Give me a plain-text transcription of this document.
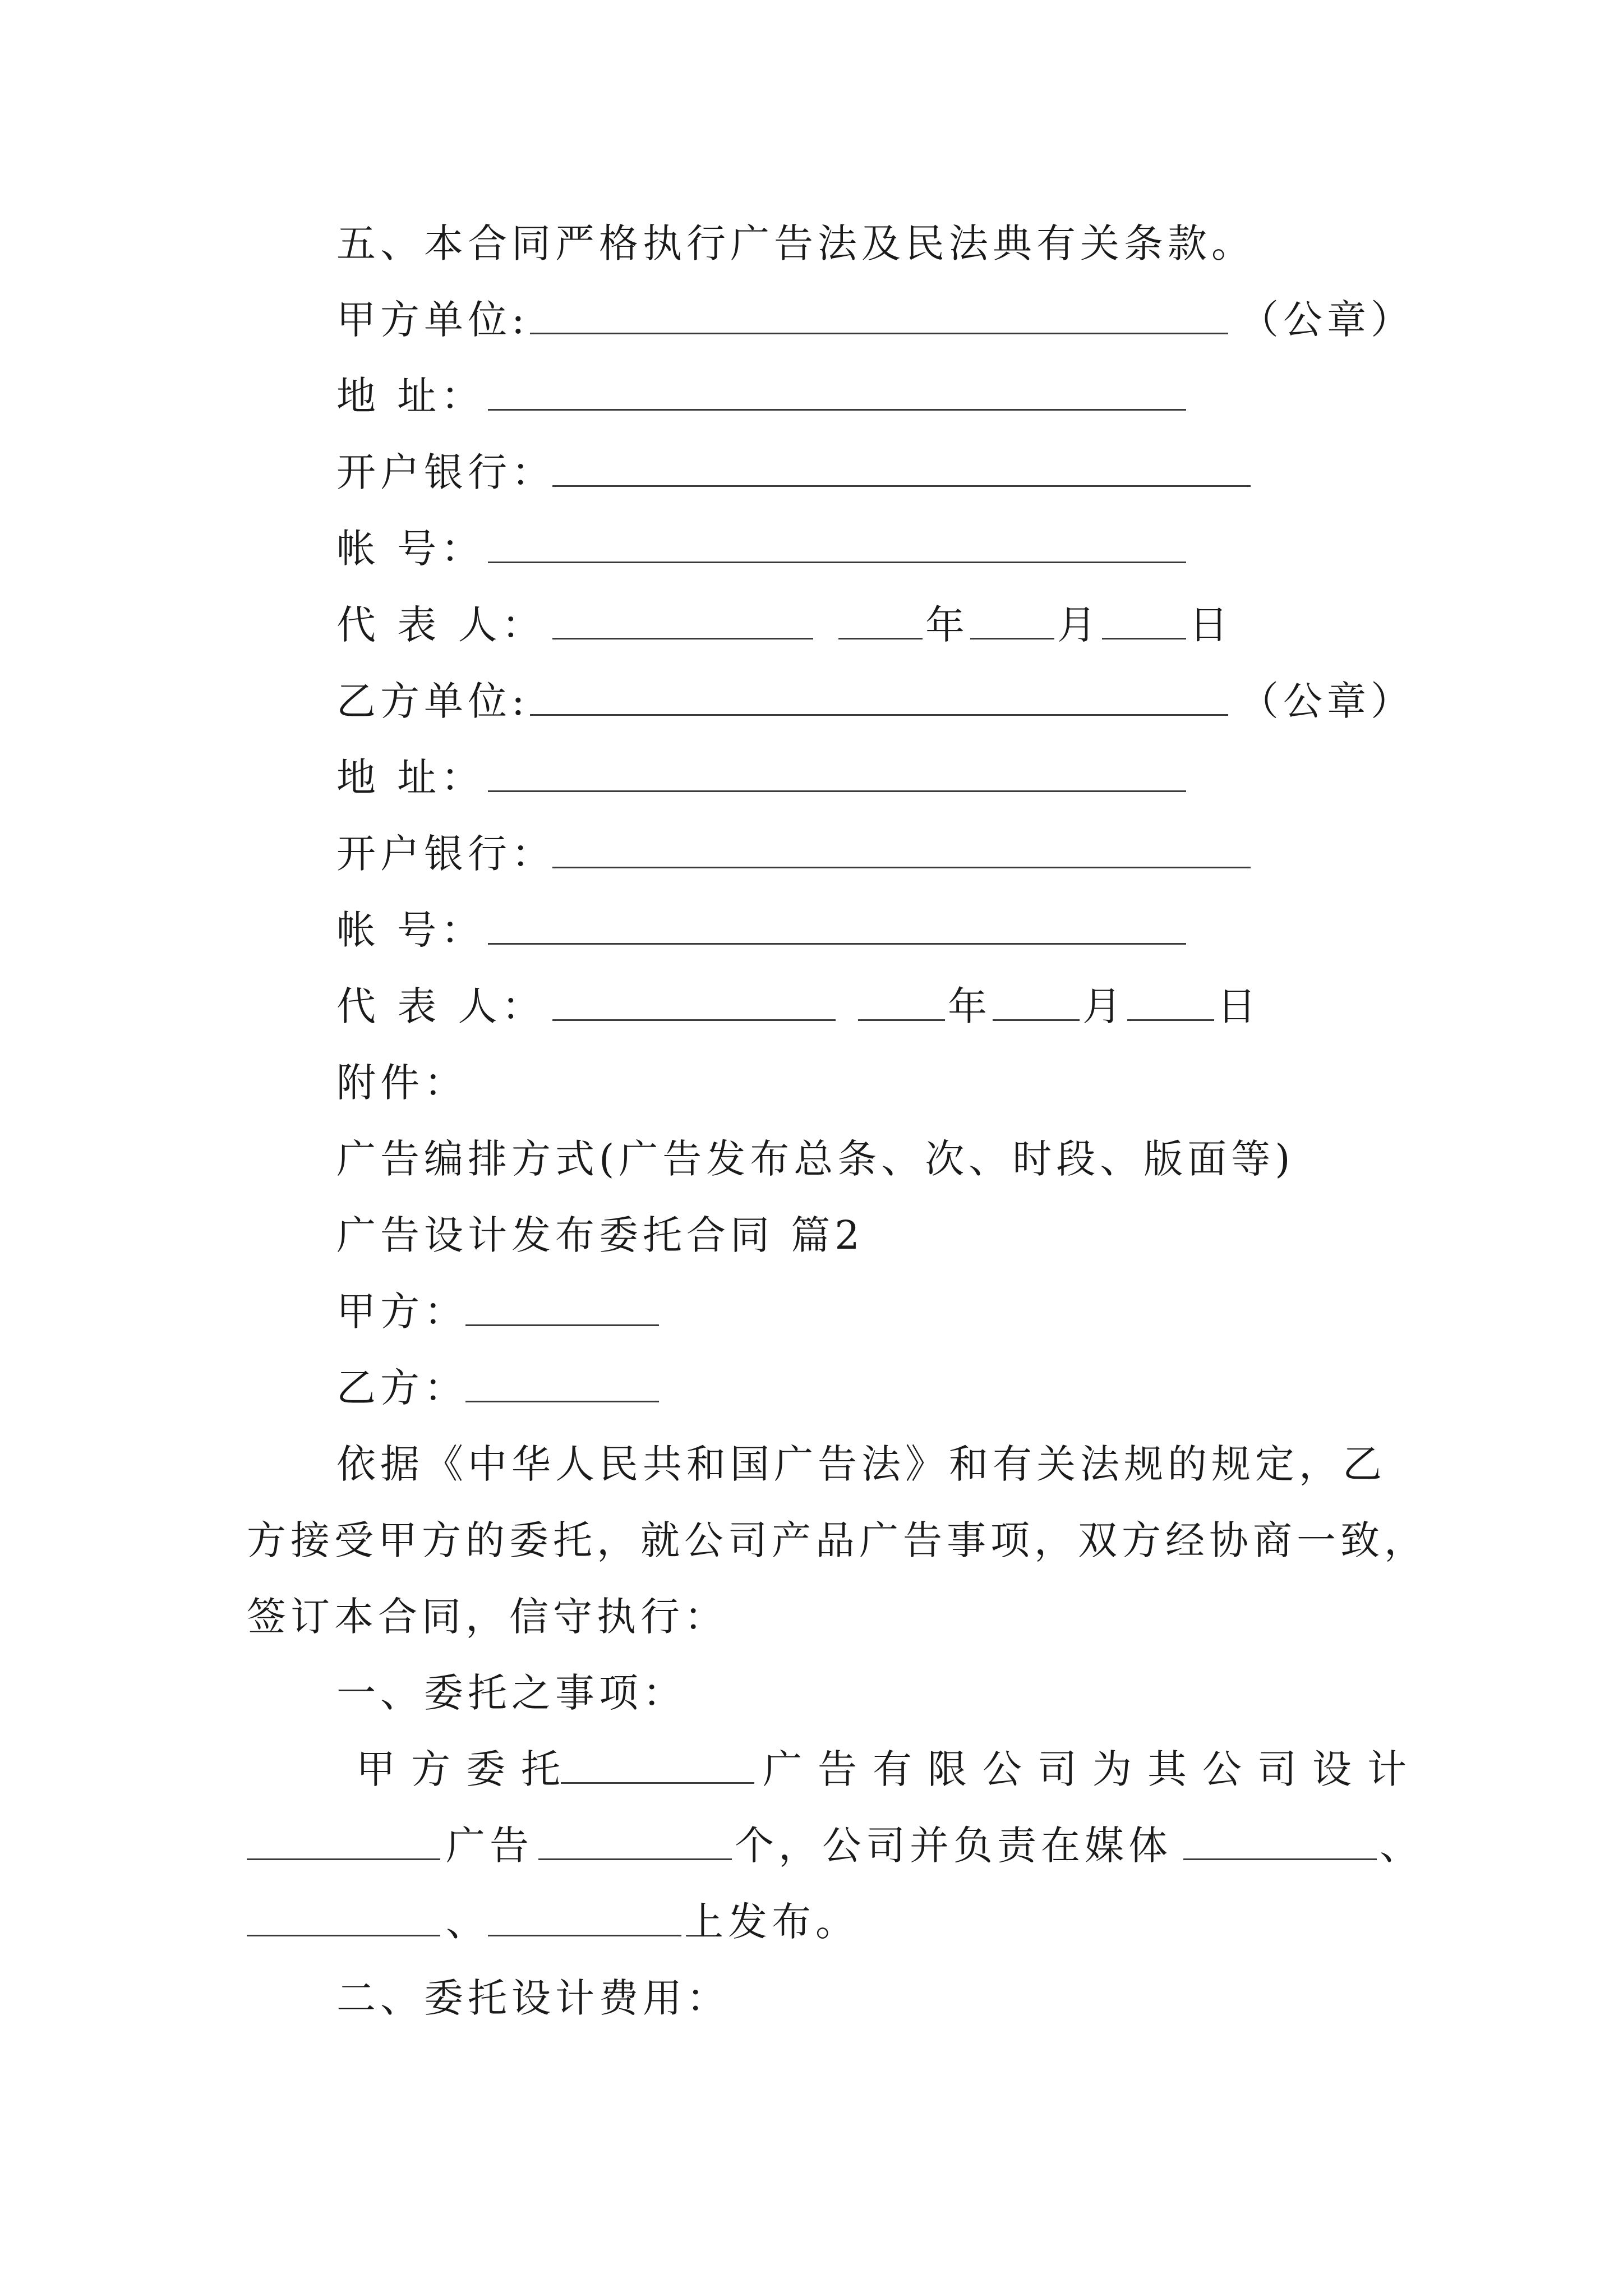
五、本合同严格执行广告法及民法典有关条款。
甲方单位:	（公章）
地 址：
开户银行：
帐 号：
代 表 人：	年 月 日
乙方单位:	（公章）
地 址：
开户银行：
帐 号：
代 表 人：	年 月 日
附件：
广告编排方式(广告发布总条、次、时段、版面等)
广告设计发布委托合同 篇2
甲方：
乙方：
依据《中华人民共和国广告法》和有关法规的规定，乙
方接受甲方的委托，就公司产品广告事项，双方经协商一致，
签订本合同，信守执行：
一、委托之事项：
甲方委托	广告有限公司为其公司设计
广告	个，公司并负责在媒体	、
、	上发布。
二、委托设计费用：
